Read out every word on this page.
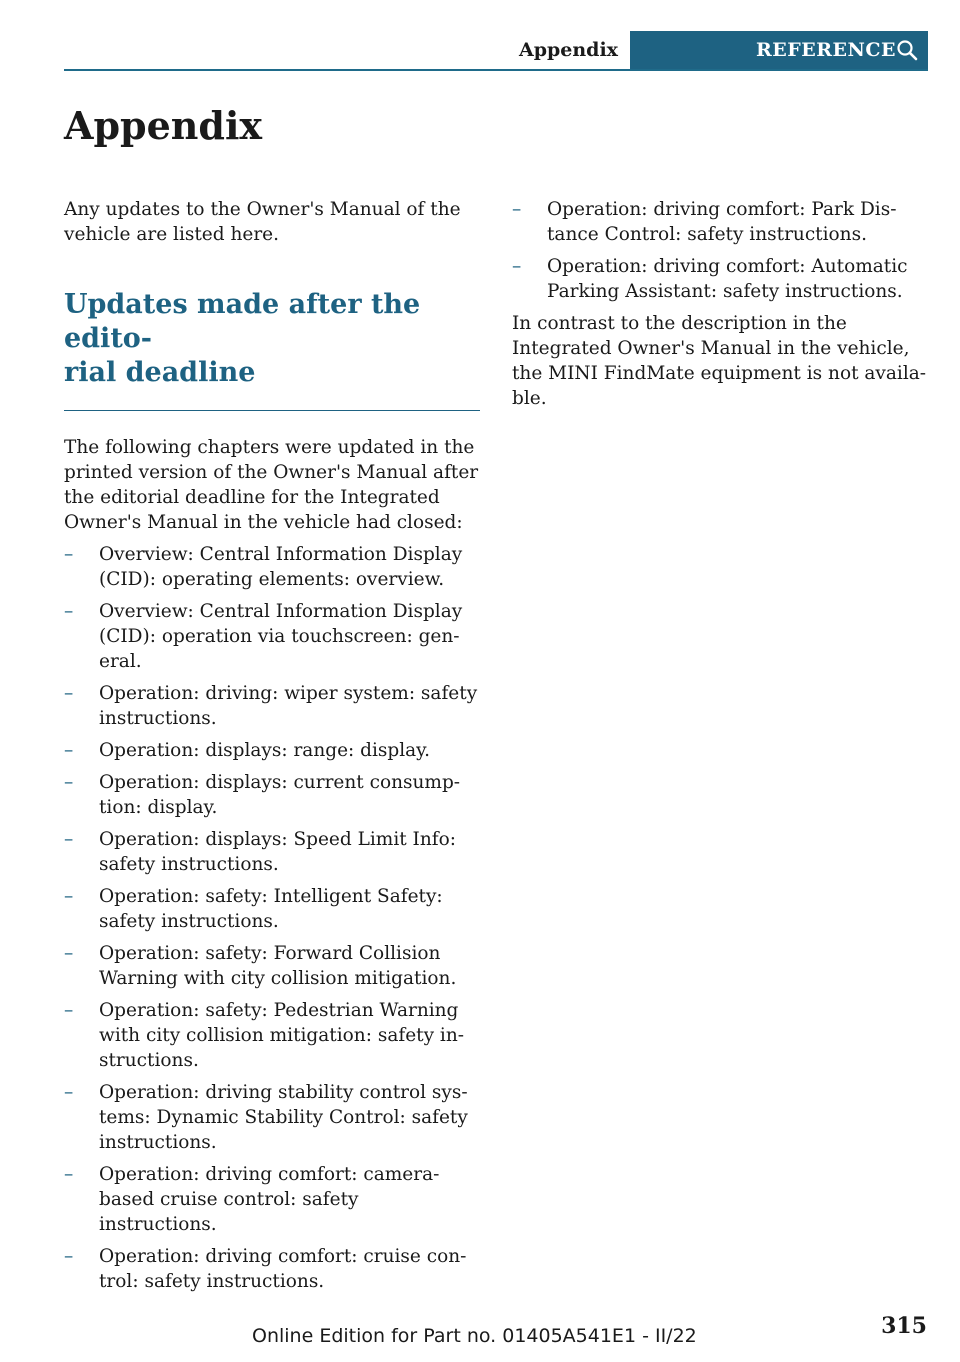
Appendix	REFERENCE
Appendix

Any updates to the Owner's Manual of the vehicle are listed here.

Updates made after the edito-
rial deadline

The following chapters were updated in the printed version of the Owner's Manual after the editorial deadline for the Integrated Owner's Manual in the vehicle had closed:

–	Overview: Central Information Display (CID): operating elements: overview.
–	Overview: Central Information Display (CID): operation via touchscreen: gen-eral.
–	Operation: driving: wiper system: safety instructions.
–	Operation: displays: range: display.
–	Operation: displays: current consump-tion: display.
–	Operation: displays: Speed Limit Info: safety instructions.
–	Operation: safety: Intelligent Safety: safety instructions.
–	Operation: safety: Forward Collision Warning with city collision mitigation.
–	Operation: safety: Pedestrian Warning with city collision mitigation: safety in-structions.
–	Operation: driving stability control sys-tems: Dynamic Stability Control: safety instructions.
–	Operation: driving comfort: camera-based cruise control: safety instructions.
–	Operation: driving comfort: cruise con-trol: safety instructions.
–	Operation: driving comfort: Park Dis-tance Control: safety instructions.
–	Operation: driving comfort: Automatic Parking Assistant: safety instructions.

In contrast to the description in the Integrated Owner's Manual in the vehicle, the MINI FindMate equipment is not availa-ble.

Online Edition for Part no. 01405A541E1 - II/22	315
